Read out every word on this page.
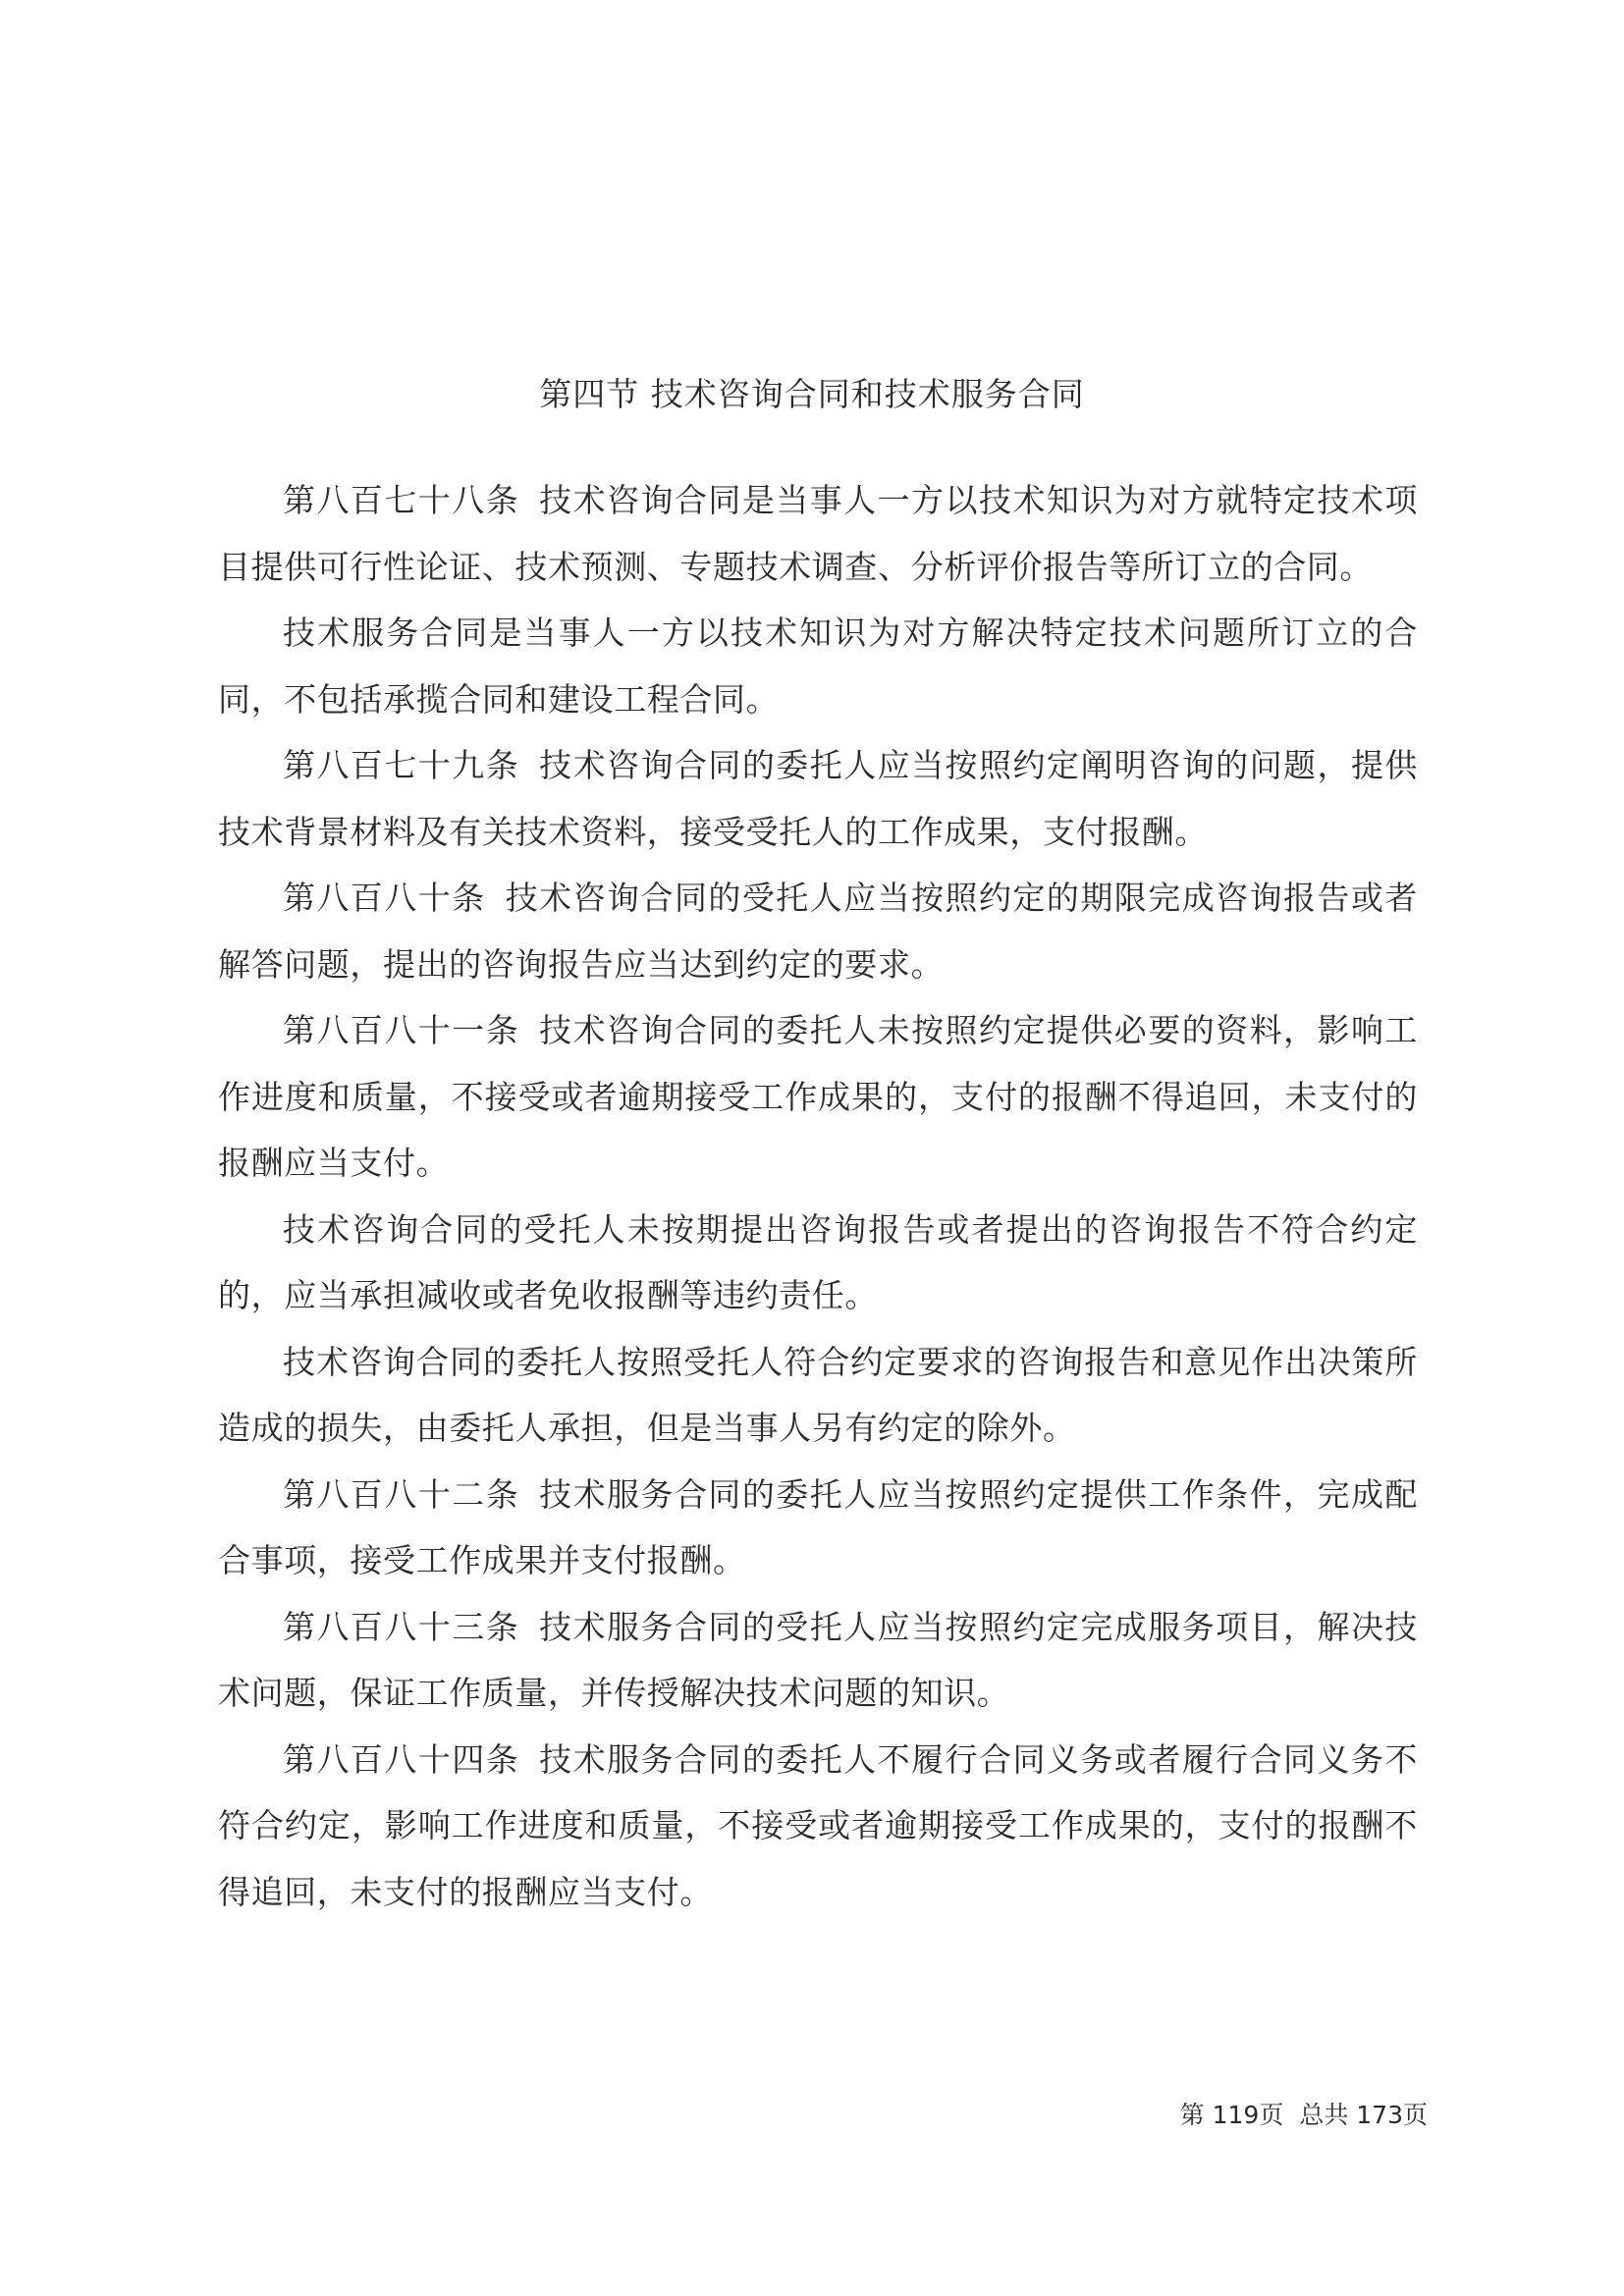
第四节 技术咨询合同和技术服务合同

第八百七十八条 技术咨询合同是当事人一方以技术知识为对方就特定技术项目提供可行性论证、技术预测、专题技术调查、分析评价报告等所订立的合同。

技术服务合同是当事人一方以技术知识为对方解决特定技术问题所订立的合同，不包括承揽合同和建设工程合同。

第八百七十九条 技术咨询合同的委托人应当按照约定阐明咨询的问题，提供技术背景材料及有关技术资料，接受受托人的工作成果，支付报酬。

第八百八十条 技术咨询合同的受托人应当按照约定的期限完成咨询报告或者解答问题，提出的咨询报告应当达到约定的要求。

第八百八十一条 技术咨询合同的委托人未按照约定提供必要的资料，影响工作进度和质量，不接受或者逾期接受工作成果的，支付的报酬不得追回，未支付的报酬应当支付。

技术咨询合同的受托人未按期提出咨询报告或者提出的咨询报告不符合约定的，应当承担减收或者免收报酬等违约责任。

技术咨询合同的委托人按照受托人符合约定要求的咨询报告和意见作出决策所造成的损失，由委托人承担，但是当事人另有约定的除外。

第八百八十二条 技术服务合同的委托人应当按照约定提供工作条件，完成配合事项，接受工作成果并支付报酬。

第八百八十三条 技术服务合同的受托人应当按照约定完成服务项目，解决技术问题，保证工作质量，并传授解决技术问题的知识。

第八百八十四条 技术服务合同的委托人不履行合同义务或者履行合同义务不符合约定，影响工作进度和质量，不接受或者逾期接受工作成果的，支付的报酬不得追回，未支付的报酬应当支付。

第 119页 总共 173页
